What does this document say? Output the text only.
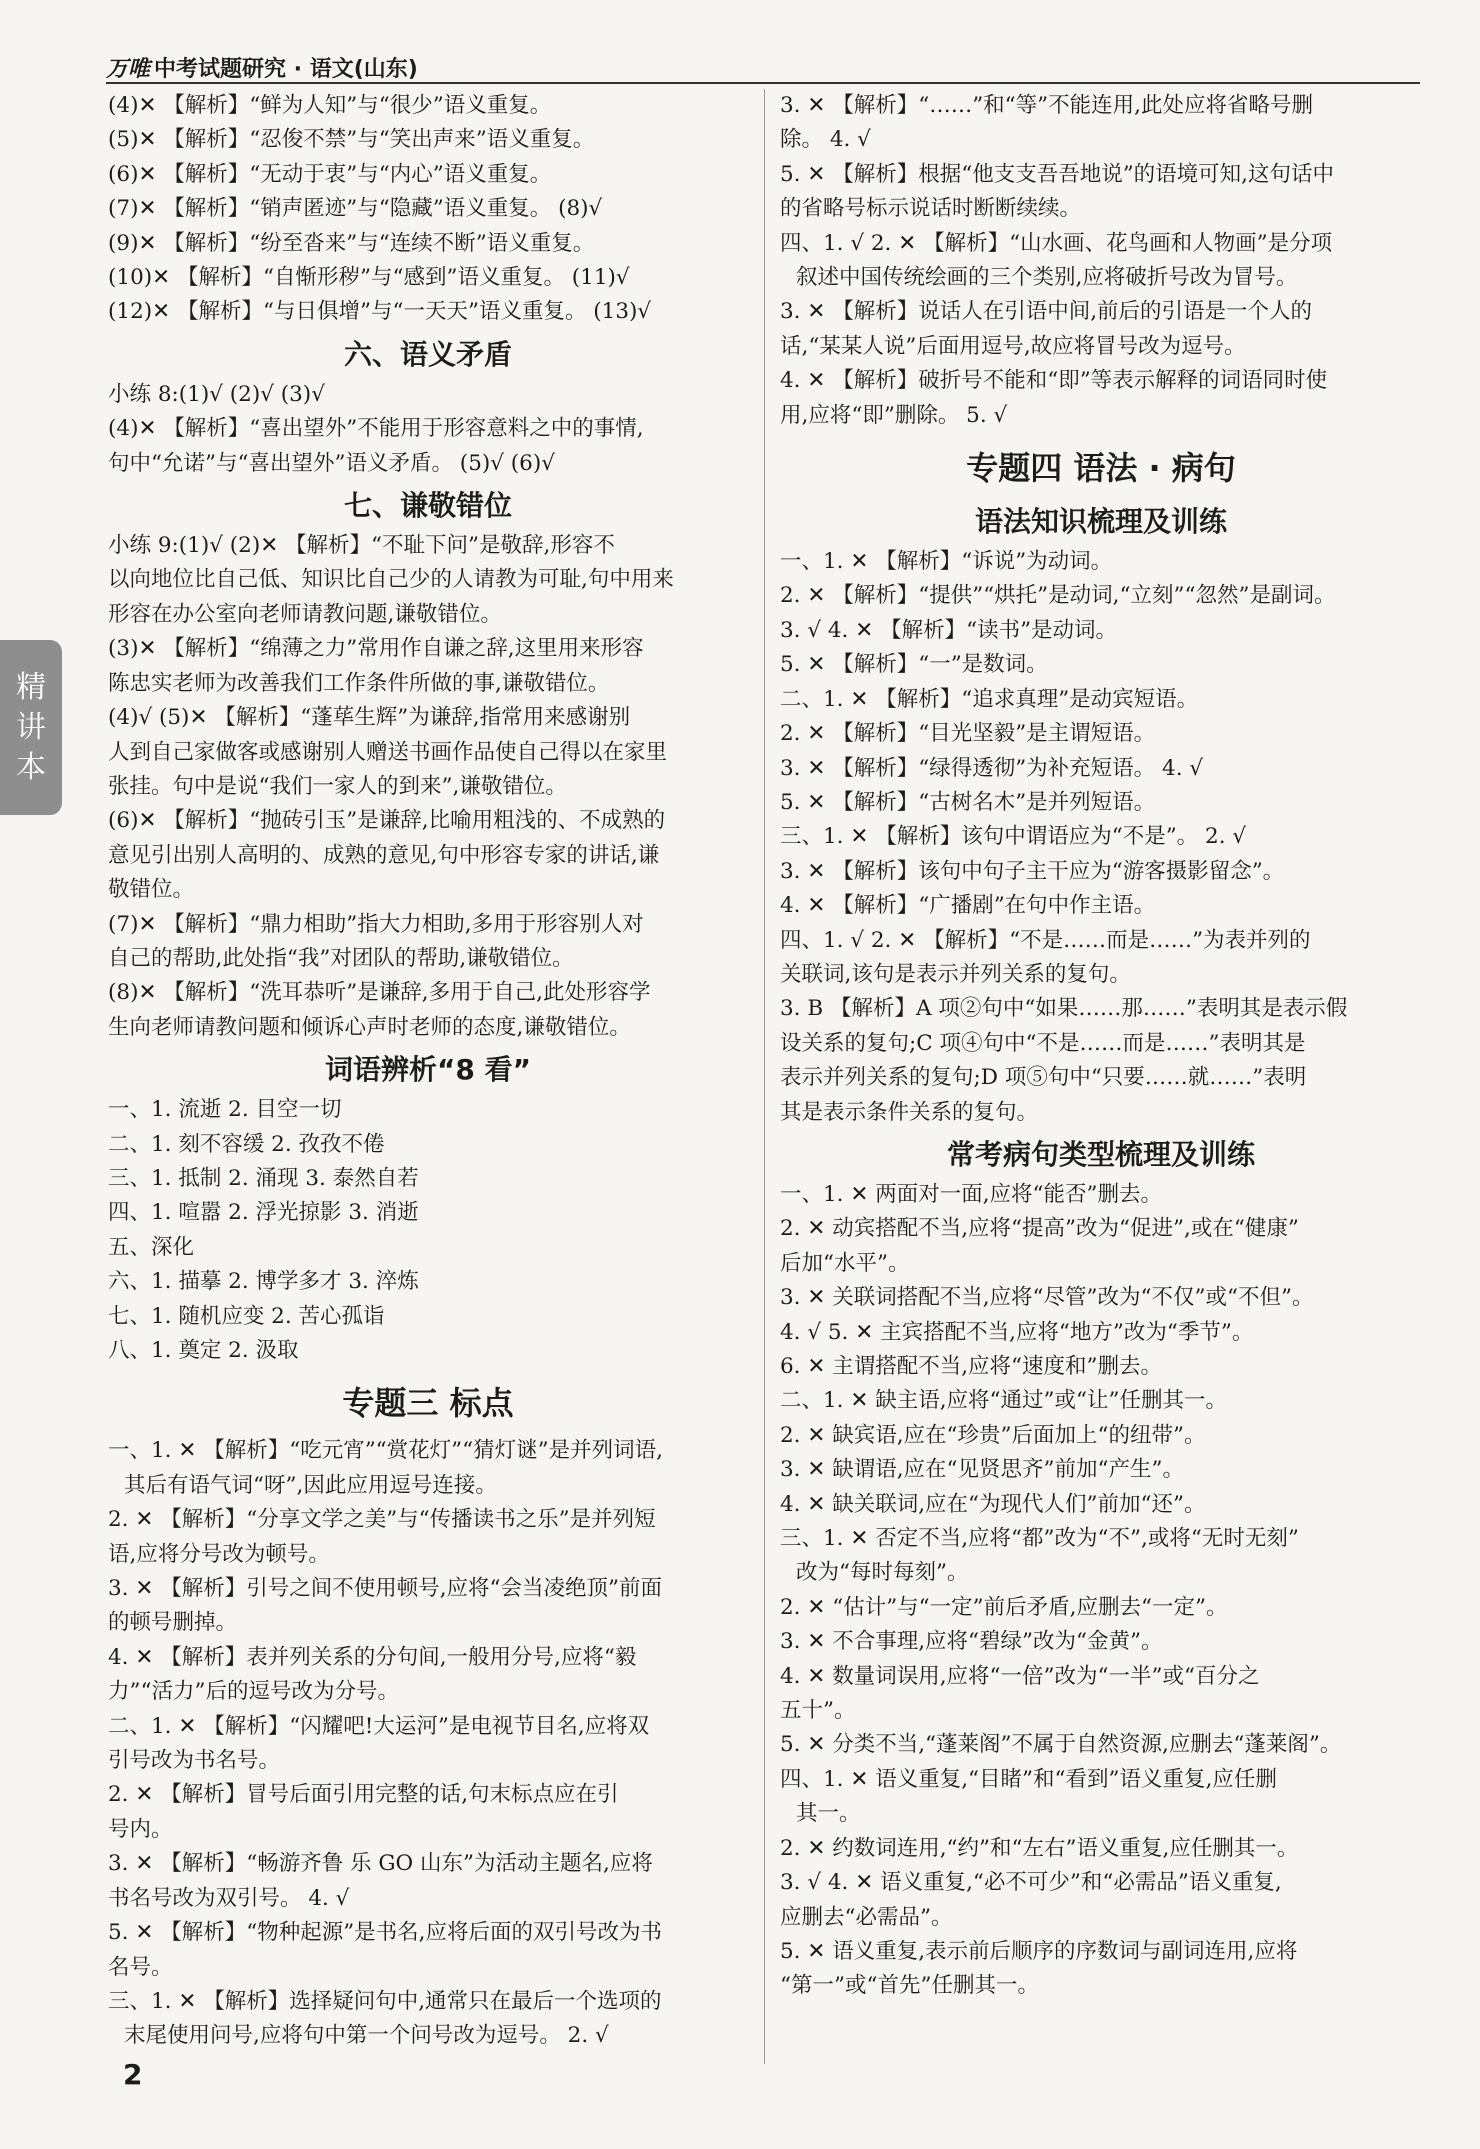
万唯 中考试题研究 · 语文(山东)
精
讲
本
(4)✕ 【解析】“鲜为人知”与“很少”语义重复。
(5)✕ 【解析】“忍俊不禁”与“笑出声来”语义重复。
(6)✕ 【解析】“无动于衷”与“内心”语义重复。
(7)✕ 【解析】“销声匿迹”与“隐藏”语义重复。 (8)√
(9)✕ 【解析】“纷至沓来”与“连续不断”语义重复。
(10)✕ 【解析】“自惭形秽”与“感到”语义重复。 (11)√
(12)✕ 【解析】“与日俱增”与“一天天”语义重复。 (13)√
六、语义矛盾
小练 8:(1)√ (2)√ (3)√
(4)✕ 【解析】“喜出望外”不能用于形容意料之中的事情,
句中“允诺”与“喜出望外”语义矛盾。 (5)√ (6)√
七、谦敬错位
小练 9:(1)√ (2)✕ 【解析】“不耻下问”是敬辞,形容不
以向地位比自己低、知识比自己少的人请教为可耻,句中用来
形容在办公室向老师请教问题,谦敬错位。
(3)✕ 【解析】“绵薄之力”常用作自谦之辞,这里用来形容
陈忠实老师为改善我们工作条件所做的事,谦敬错位。
(4)√ (5)✕ 【解析】“蓬荜生辉”为谦辞,指常用来感谢别
人到自己家做客或感谢别人赠送书画作品使自己得以在家里
张挂。句中是说“我们一家人的到来”,谦敬错位。
(6)✕ 【解析】“抛砖引玉”是谦辞,比喻用粗浅的、不成熟的
意见引出别人高明的、成熟的意见,句中形容专家的讲话,谦
敬错位。
(7)✕ 【解析】“鼎力相助”指大力相助,多用于形容别人对
自己的帮助,此处指“我”对团队的帮助,谦敬错位。
(8)✕ 【解析】“洗耳恭听”是谦辞,多用于自己,此处形容学
生向老师请教问题和倾诉心声时老师的态度,谦敬错位。
词语辨析“8 看”
一、1. 流逝 2. 目空一切
二、1. 刻不容缓 2. 孜孜不倦
三、1. 抵制 2. 涌现 3. 泰然自若
四、1. 喧嚣 2. 浮光掠影 3. 消逝
五、深化
六、1. 描摹 2. 博学多才 3. 淬炼
七、1. 随机应变 2. 苦心孤诣
八、1. 奠定 2. 汲取
专题三 标点
一、1. ✕ 【解析】“吃元宵”“赏花灯”“猜灯谜”是并列词语,
其后有语气词“呀”,因此应用逗号连接。
2. ✕ 【解析】“分享文学之美”与“传播读书之乐”是并列短
语,应将分号改为顿号。
3. ✕ 【解析】引号之间不使用顿号,应将“会当凌绝顶”前面
的顿号删掉。
4. ✕ 【解析】表并列关系的分句间,一般用分号,应将“毅
力”“活力”后的逗号改为分号。
二、1. ✕ 【解析】“闪耀吧!大运河”是电视节目名,应将双
引号改为书名号。
2. ✕ 【解析】冒号后面引用完整的话,句末标点应在引
号内。
3. ✕ 【解析】“畅游齐鲁 乐 GO 山东”为活动主题名,应将
书名号改为双引号。 4. √
5. ✕ 【解析】“物种起源”是书名,应将后面的双引号改为书
名号。
三、1. ✕ 【解析】选择疑问句中,通常只在最后一个选项的
末尾使用问号,应将句中第一个问号改为逗号。 2. √
3. ✕ 【解析】“……”和“等”不能连用,此处应将省略号删
除。 4. √
5. ✕ 【解析】根据“他支支吾吾地说”的语境可知,这句话中
的省略号标示说话时断断续续。
四、1. √ 2. ✕ 【解析】“山水画、花鸟画和人物画”是分项
叙述中国传统绘画的三个类别,应将破折号改为冒号。
3. ✕ 【解析】说话人在引语中间,前后的引语是一个人的
话,“某某人说”后面用逗号,故应将冒号改为逗号。
4. ✕ 【解析】破折号不能和“即”等表示解释的词语同时使
用,应将“即”删除。 5. √
专题四 语法 · 病句
语法知识梳理及训练
一、1. ✕ 【解析】“诉说”为动词。
2. ✕ 【解析】“提供”“烘托”是动词,“立刻”“忽然”是副词。
3. √ 4. ✕ 【解析】“读书”是动词。
5. ✕ 【解析】“一”是数词。
二、1. ✕ 【解析】“追求真理”是动宾短语。
2. ✕ 【解析】“目光坚毅”是主谓短语。
3. ✕ 【解析】“绿得透彻”为补充短语。 4. √
5. ✕ 【解析】“古树名木”是并列短语。
三、1. ✕ 【解析】该句中谓语应为“不是”。 2. √
3. ✕ 【解析】该句中句子主干应为“游客摄影留念”。
4. ✕ 【解析】“广播剧”在句中作主语。
四、1. √ 2. ✕ 【解析】“不是……而是……”为表并列的
关联词,该句是表示并列关系的复句。
3. B 【解析】A 项②句中“如果……那……”表明其是表示假
设关系的复句;C 项④句中“不是……而是……”表明其是
表示并列关系的复句;D 项⑤句中“只要……就……”表明
其是表示条件关系的复句。
常考病句类型梳理及训练
一、1. ✕ 两面对一面,应将“能否”删去。
2. ✕ 动宾搭配不当,应将“提高”改为“促进”,或在“健康”
后加“水平”。
3. ✕ 关联词搭配不当,应将“尽管”改为“不仅”或“不但”。
4. √ 5. ✕ 主宾搭配不当,应将“地方”改为“季节”。
6. ✕ 主谓搭配不当,应将“速度和”删去。
二、1. ✕ 缺主语,应将“通过”或“让”任删其一。
2. ✕ 缺宾语,应在“珍贵”后面加上“的纽带”。
3. ✕ 缺谓语,应在“见贤思齐”前加“产生”。
4. ✕ 缺关联词,应在“为现代人们”前加“还”。
三、1. ✕ 否定不当,应将“都”改为“不”,或将“无时无刻”
改为“每时每刻”。
2. ✕ “估计”与“一定”前后矛盾,应删去“一定”。
3. ✕ 不合事理,应将“碧绿”改为“金黄”。
4. ✕ 数量词误用,应将“一倍”改为“一半”或“百分之
五十”。
5. ✕ 分类不当,“蓬莱阁”不属于自然资源,应删去“蓬莱阁”。
四、1. ✕ 语义重复,“目睹”和“看到”语义重复,应任删
其一。
2. ✕ 约数词连用,“约”和“左右”语义重复,应任删其一。
3. √ 4. ✕ 语义重复,“必不可少”和“必需品”语义重复,
应删去“必需品”。
5. ✕ 语义重复,表示前后顺序的序数词与副词连用,应将
“第一”或“首先”任删其一。
2
